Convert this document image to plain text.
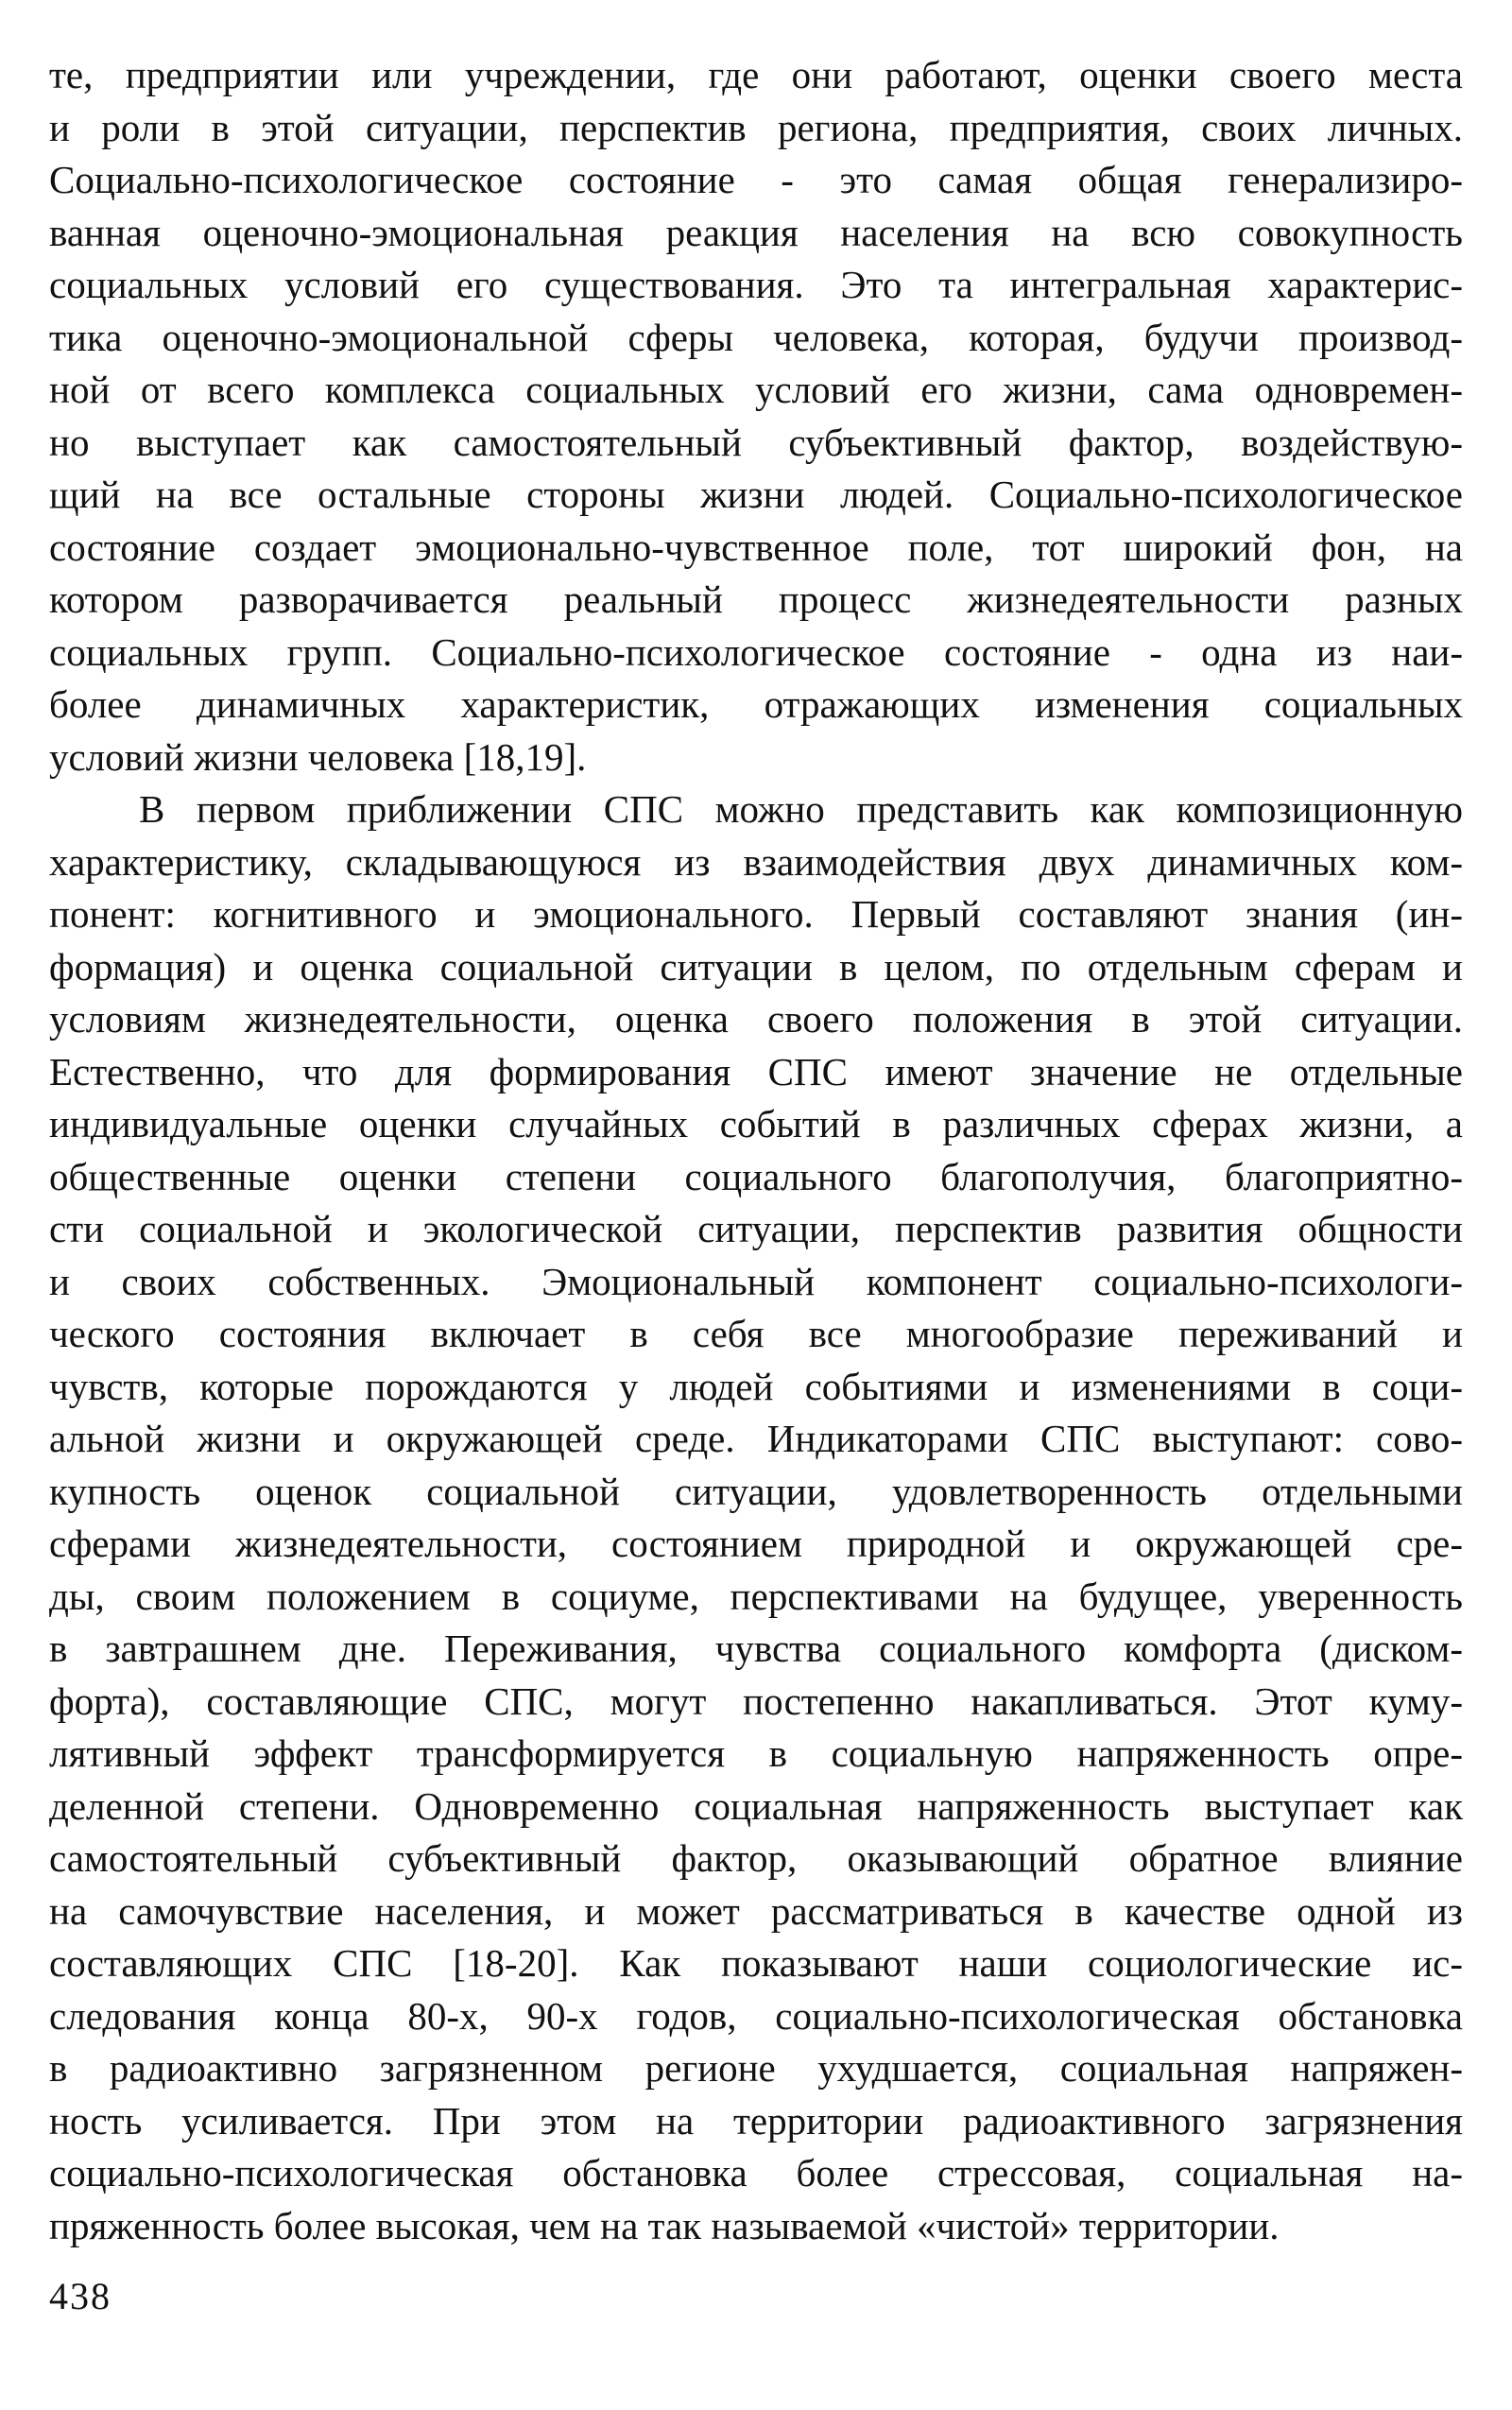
те, предприятии или учреждении, где они работают, оценки своего места
и роли в этой ситуации, перспектив региона, предприятия, своих личных.
Социально-психологическое состояние - это самая общая генерализиро-
ванная оценочно-эмоциональная реакция населения на всю совокупность
социальных условий его существования. Это та интегральная характерис-
тика оценочно-эмоциональной сферы человека, которая, будучи производ-
ной от всего комплекса социальных условий его жизни, сама одновремен-
но выступает как самостоятельный субъективный фактор, воздействую-
щий на все остальные стороны жизни людей. Социально-психологическое
состояние создает эмоционально-чувственное поле, тот широкий фон, на
котором разворачивается реальный процесс жизнедеятельности разных
социальных групп. Социально-психологическое состояние - одна из наи-
более динамичных характеристик, отражающих изменения социальных
условий жизни человека [18,19].
В первом приближении СПС можно представить как композиционную
характеристику, складывающуюся из взаимодействия двух динамичных ком-
понент: когнитивного и эмоционального. Первый составляют знания (ин-
формация) и оценка социальной ситуации в целом, по отдельным сферам и
условиям жизнедеятельности, оценка своего положения в этой ситуации.
Естественно, что для формирования СПС имеют значение не отдельные
индивидуальные оценки случайных событий в различных сферах жизни, а
общественные оценки степени социального благополучия, благоприятно-
сти социальной и экологической ситуации, перспектив развития общности
и своих собственных. Эмоциональный компонент социально-психологи-
ческого состояния включает в себя все многообразие переживаний и
чувств, которые порождаются у людей событиями и изменениями в соци-
альной жизни и окружающей среде. Индикаторами СПС выступают: сово-
купность оценок социальной ситуации, удовлетворенность отдельными
сферами жизнедеятельности, состоянием природной и окружающей сре-
ды, своим положением в социуме, перспективами на будущее, уверенность
в завтрашнем дне. Переживания, чувства социального комфорта (диском-
форта), составляющие СПС, могут постепенно накапливаться. Этот куму-
лятивный эффект трансформируется в социальную напряженность опре-
деленной степени. Одновременно социальная напряженность выступает как
самостоятельный субъективный фактор, оказывающий обратное влияние
на самочувствие населения, и может рассматриваться в качестве одной из
составляющих СПС [18-20]. Как показывают наши социологические ис-
следования конца 80-х, 90-х годов, социально-психологическая обстановка
в радиоактивно загрязненном регионе ухудшается, социальная напряжен-
ность усиливается. При этом на территории радиоактивного загрязнения
социально-психологическая обстановка более стрессовая, социальная на-
пряженность более высокая, чем на так называемой «чистой» территории.
438
